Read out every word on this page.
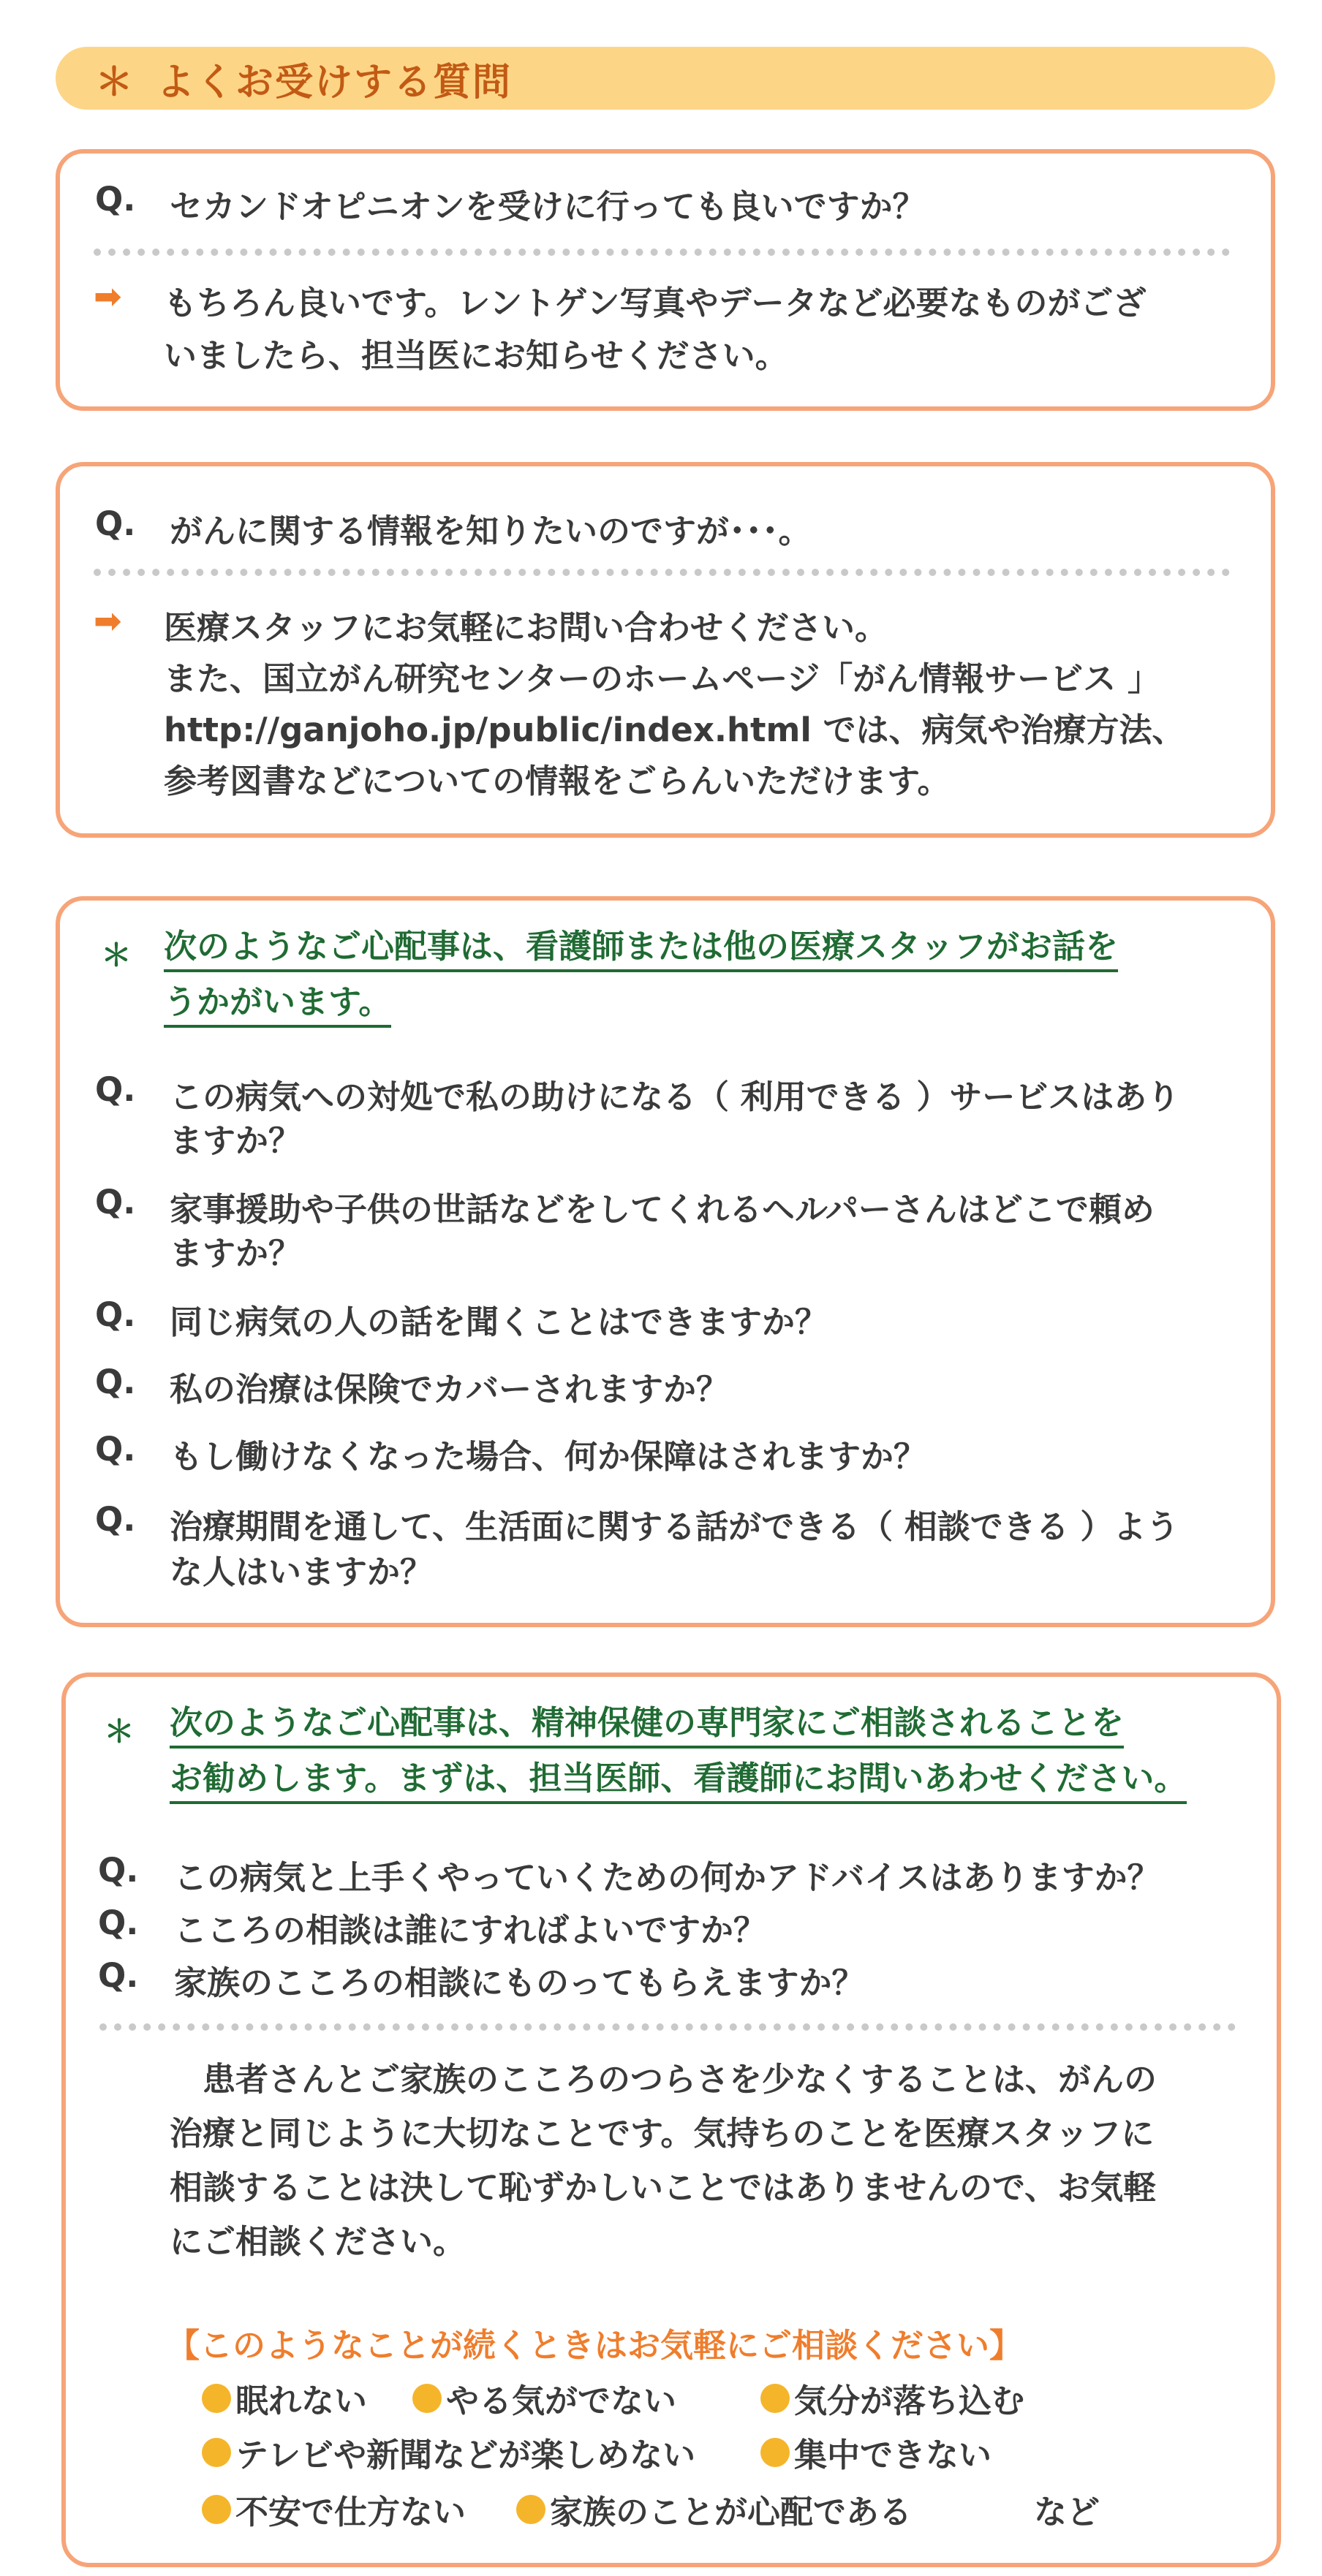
＊ よくお受けする質問
Q. セカンドオピニオンを受けに行っても良いですか？
➡ もちろん良いです。レントゲン写真やデータなど必要なものがござ
いましたら、担当医にお知らせください。
Q. がんに関する情報を知りたいのですが･･･。
➡ 医療スタッフにお気軽にお問い合わせください。
また、国立がん研究センターのホームページ「がん情報サービス 」
http://ganjoho.jp/public/index.html では、病気や治療方法、
参考図書などについての情報をごらんいただけます。
＊ 次のようなご心配事は、看護師または他の医療スタッフがお話を
うかがいます。
Q. この病気への対処で私の助けになる（ 利用できる ）サービスはあり
ますか？
Q. 家事援助や子供の世話などをしてくれるヘルパーさんはどこで頼め
ますか？
Q. 同じ病気の人の話を聞くことはできますか？
Q. 私の治療は保険でカバーされますか？
Q. もし働けなくなった場合、何か保障はされますか？
Q. 治療期間を通して、生活面に関する話ができる（ 相談できる ）よう
な人はいますか？
＊ 次のようなご心配事は、精神保健の専門家にご相談されることを
お勧めします。まずは、担当医師、看護師にお問いあわせください。
Q. この病気と上手くやっていくための何かアドバイスはありますか？
Q. こころの相談は誰にすればよいですか？
Q. 家族のこころの相談にものってもらえますか？
　患者さんとご家族のこころのつらさを少なくすることは、がんの
治療と同じように大切なことです。気持ちのことを医療スタッフに
相談することは決して恥ずかしいことではありませんので、お気軽
にご相談ください。
【このようなことが続くときはお気軽にご相談ください】
眠れない やる気がでない	気分が落ち込む
テレビや新聞などが楽しめない	集中できない
不安で仕方ない	家族のことが心配である	など
